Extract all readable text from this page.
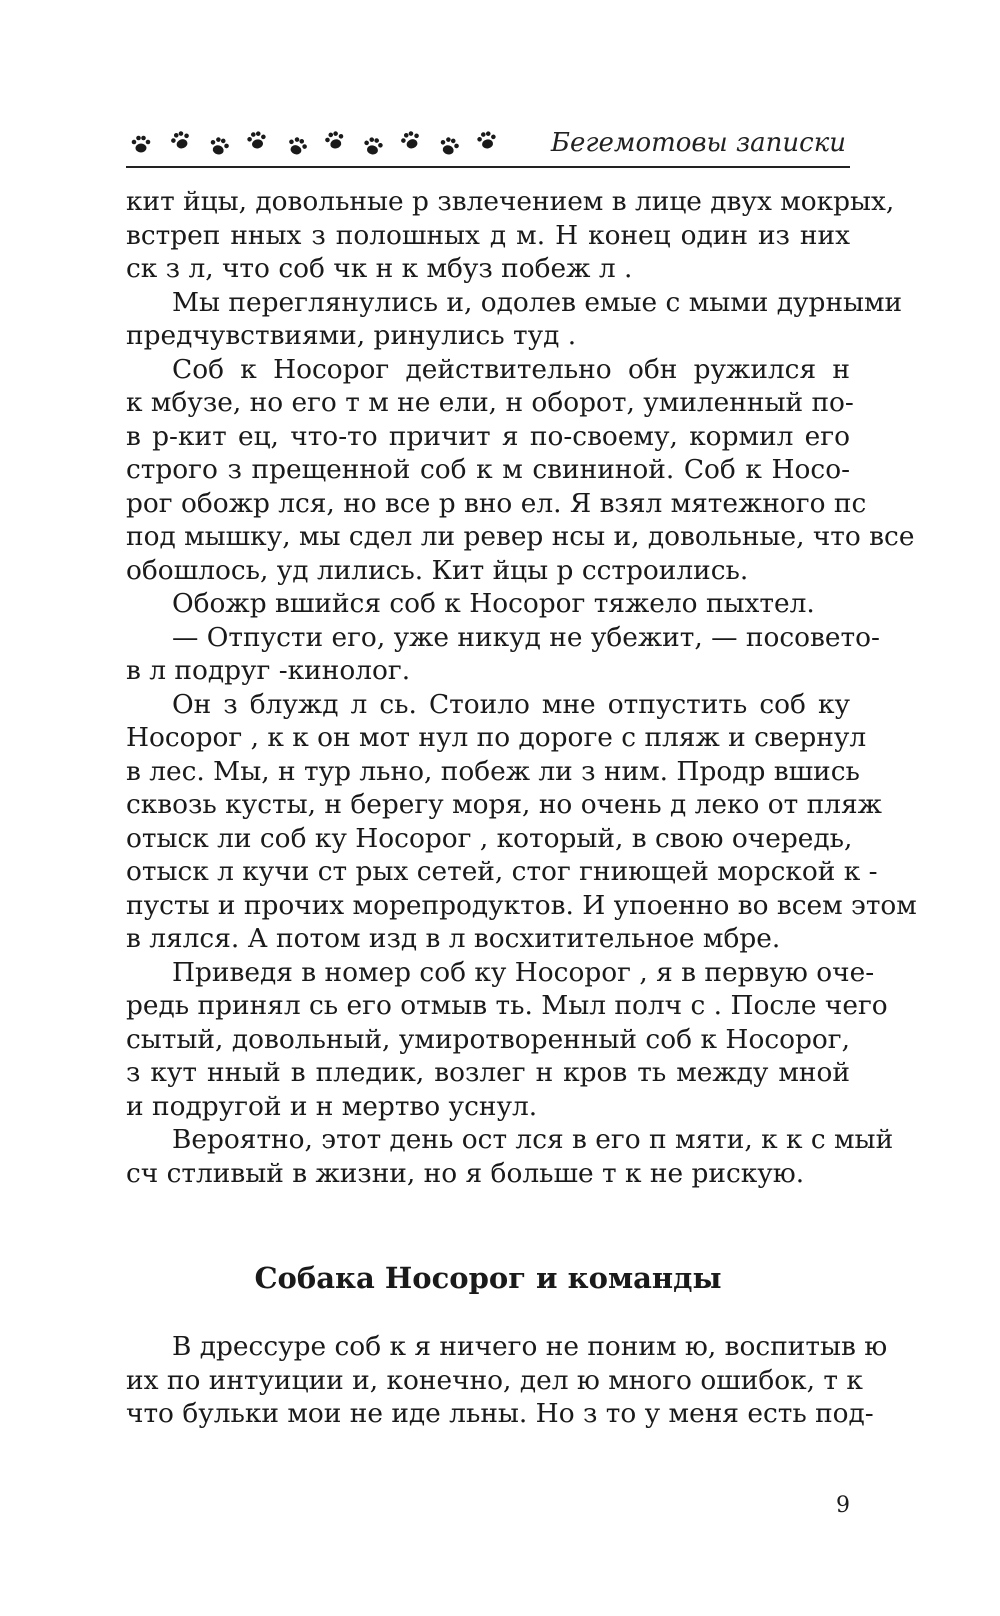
Бегемотовы записки
кит йцы, довольные р звлечением в лице двух мокрых,
встреп нных з полошных д м. Н конец один из них
ск з л, что соб чк н к мбуз побеж л .
Мы переглянулись и, одолев емые с мыми дурными
предчувствиями, ринулись туд .
Соб к Носорог действительно обн ружился н
к мбузе, но его т м не ели, н оборот, умиленный по-
в р-кит ец, что-то причит я по-своему, кормил его
строго з прещенной соб к м свининой. Соб к Носо-
рог обожр лся, но все р вно ел. Я взял мятежного пс
под мышку, мы сдел ли ревер нсы и, довольные, что все
обошлось, уд лились. Кит йцы р сстроились.
Обожр вшийся соб к Носорог тяжело пыхтел.
— Отпусти его, уже никуд не убежит, — посовето-
в л подруг -кинолог.
Он з блужд л сь. Стоило мне отпустить соб ку
Носорог , к к он мот нул по дороге с пляж и свернул
в лес. Мы, н тур льно, побеж ли з ним. Продр вшись
сквозь кусты, н берегу моря, но очень д леко от пляж
отыск ли соб ку Носорог , который, в свою очередь,
отыск л кучи ст рых сетей, стог гниющей морской к -
пусты и прочих морепродуктов. И упоенно во всем этом
в лялся. А потом изд в л восхитительное мбре.
Приведя в номер соб ку Носорог , я в первую оче-
редь принял сь его отмыв ть. Мыл полч с . После чего
сытый, довольный, умиротворенный соб к Носорог,
з кут нный в пледик, возлег н кров ть между мной
и подругой и н мертво уснул.
Вероятно, этот день ост лся в его п мяти, к к с мый
сч стливый в жизни, но я больше т к не рискую.
Собака Носорог и команды
В дрессуре соб к я ничего не поним ю, воспитыв ю
их по интуиции и, конечно, дел ю много ошибок, т к
что бульки мои не иде льны. Но з то у меня есть под-
9
